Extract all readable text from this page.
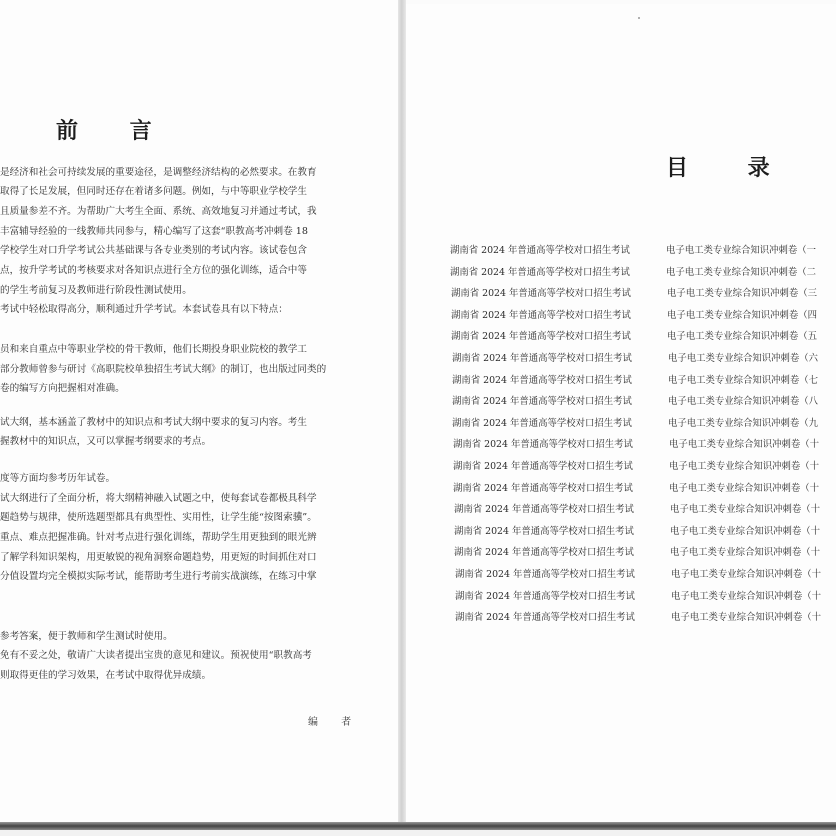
前 言
是经济和社会可持续发展的重要途径，是调整经济结构的必然要求。在教育
取得了长足发展，但同时还存在着诸多问题。例如，与中等职业学校学生
且质量参差不齐。为帮助广大考生全面、系统、高效地复习并通过考试，我
丰富辅导经验的一线教师共同参与，精心编写了这套“职教高考冲刺卷 18
学校学生对口升学考试公共基础课与各专业类别的考试内容。该试卷包含
点，按升学考试的考核要求对各知识点进行全方位的强化训练，适合中等
的学生考前复习及教师进行阶段性测试使用。
考试中轻松取得高分，顺利通过升学考试。本套试卷具有以下特点：
员和来自重点中等职业学校的骨干教师，他们长期投身职业院校的教学工
部分教师曾参与研讨《高职院校单独招生考试大纲》的制订，也出版过同类的
卷的编写方向把握相对准确。
试大纲，基本涵盖了教材中的知识点和考试大纲中要求的复习内容。考生
握教材中的知识点，又可以掌握考纲要求的考点。
度等方面均参考历年试卷。
试大纲进行了全面分析，将大纲精神融入试题之中，使每套试卷都极具科学
题趋势与规律，使所选题型都具有典型性、实用性，让学生能“按图索骥”。
重点、难点把握准确。针对考点进行强化训练，帮助学生用更独到的眼光辨
了解学科知识架构，用更敏锐的视角洞察命题趋势，用更短的时间抓住对口
分值设置均完全模拟实际考试，能帮助考生进行考前实战演练，在练习中掌
参考答案，便于教师和学生测试时使用。
免有不妥之处，敬请广大读者提出宝贵的意见和建议。预祝使用“职教高考
则取得更佳的学习效果，在考试中取得优异成绩。
编 者
目 录
湖南省 2024 年普通高等学校对口招生考试	电子电工类专业综合知识冲刺卷（一
湖南省 2024 年普通高等学校对口招生考试	电子电工类专业综合知识冲刺卷（二
湖南省 2024 年普通高等学校对口招生考试	电子电工类专业综合知识冲刺卷（三
湖南省 2024 年普通高等学校对口招生考试	电子电工类专业综合知识冲刺卷（四
湖南省 2024 年普通高等学校对口招生考试	电子电工类专业综合知识冲刺卷（五
湖南省 2024 年普通高等学校对口招生考试	电子电工类专业综合知识冲刺卷（六
湖南省 2024 年普通高等学校对口招生考试	电子电工类专业综合知识冲刺卷（七
湖南省 2024 年普通高等学校对口招生考试	电子电工类专业综合知识冲刺卷（八
湖南省 2024 年普通高等学校对口招生考试	电子电工类专业综合知识冲刺卷（九
湖南省 2024 年普通高等学校对口招生考试	电子电工类专业综合知识冲刺卷（十
湖南省 2024 年普通高等学校对口招生考试	电子电工类专业综合知识冲刺卷（十
湖南省 2024 年普通高等学校对口招生考试	电子电工类专业综合知识冲刺卷（十
湖南省 2024 年普通高等学校对口招生考试	电子电工类专业综合知识冲刺卷（十
湖南省 2024 年普通高等学校对口招生考试	电子电工类专业综合知识冲刺卷（十
湖南省 2024 年普通高等学校对口招生考试	电子电工类专业综合知识冲刺卷（十
湖南省 2024 年普通高等学校对口招生考试	电子电工类专业综合知识冲刺卷（十
湖南省 2024 年普通高等学校对口招生考试	电子电工类专业综合知识冲刺卷（十
湖南省 2024 年普通高等学校对口招生考试	电子电工类专业综合知识冲刺卷（十
